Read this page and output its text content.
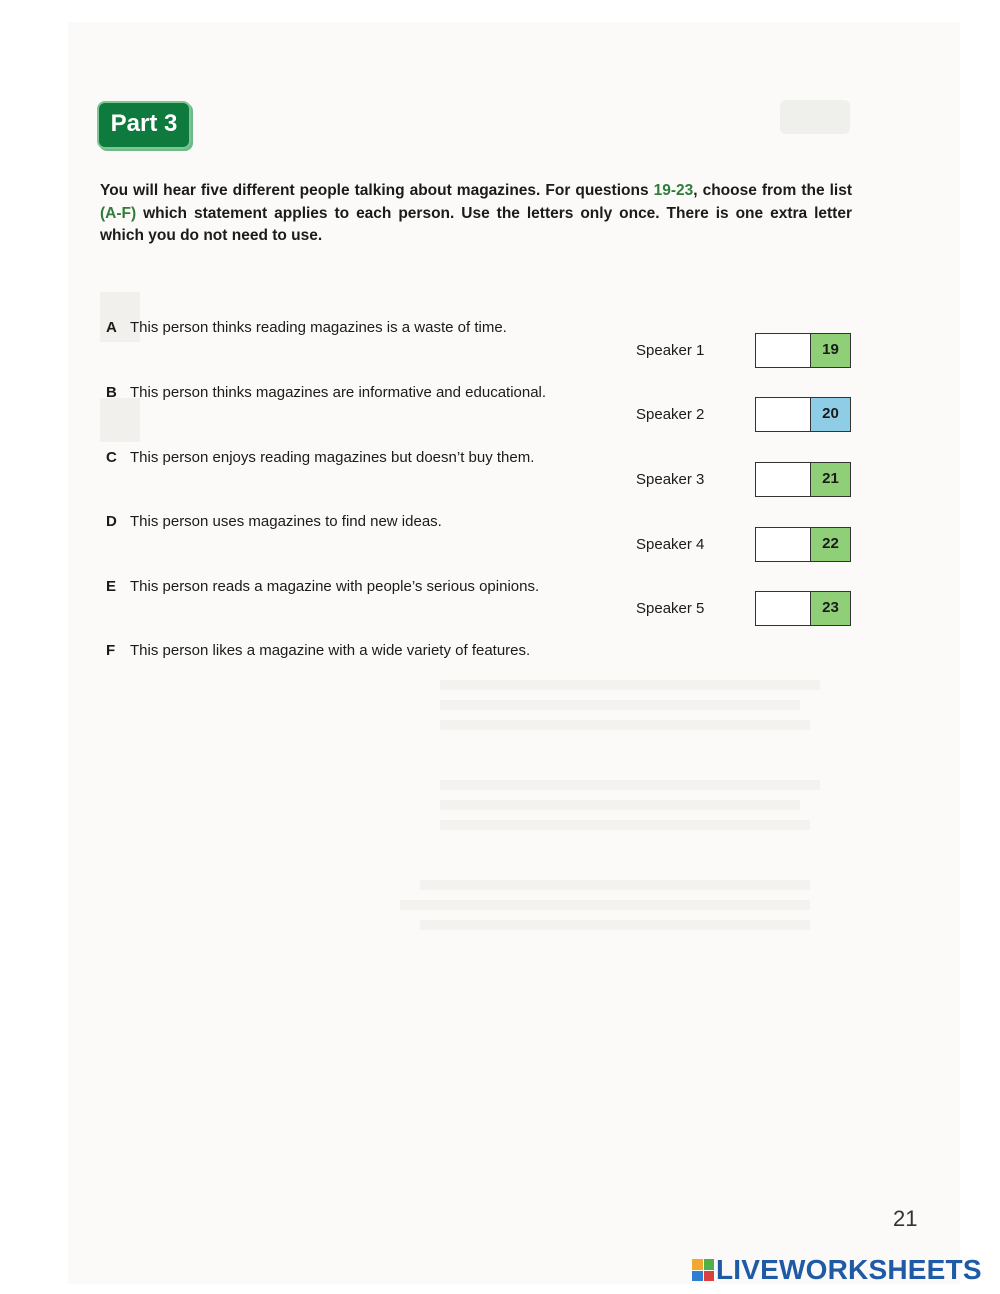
Part 3
You will hear five different people talking about magazines. For questions 19-23, choose from the list (A-F) which statement applies to each person. Use the letters only once. There is one extra letter which you do not need to use.
A This person thinks reading magazines is a waste of time.
B This person thinks magazines are informative and educational.
C This person enjoys reading magazines but doesn’t buy them.
D This person uses magazines to find new ideas.
E This person reads a magazine with people’s serious opinions.
F This person likes a magazine with a wide variety of features.
Speaker 1	19
Speaker 2	20
Speaker 3	21
Speaker 4	22
Speaker 5	23
21
LIVEWORKSHEETS
